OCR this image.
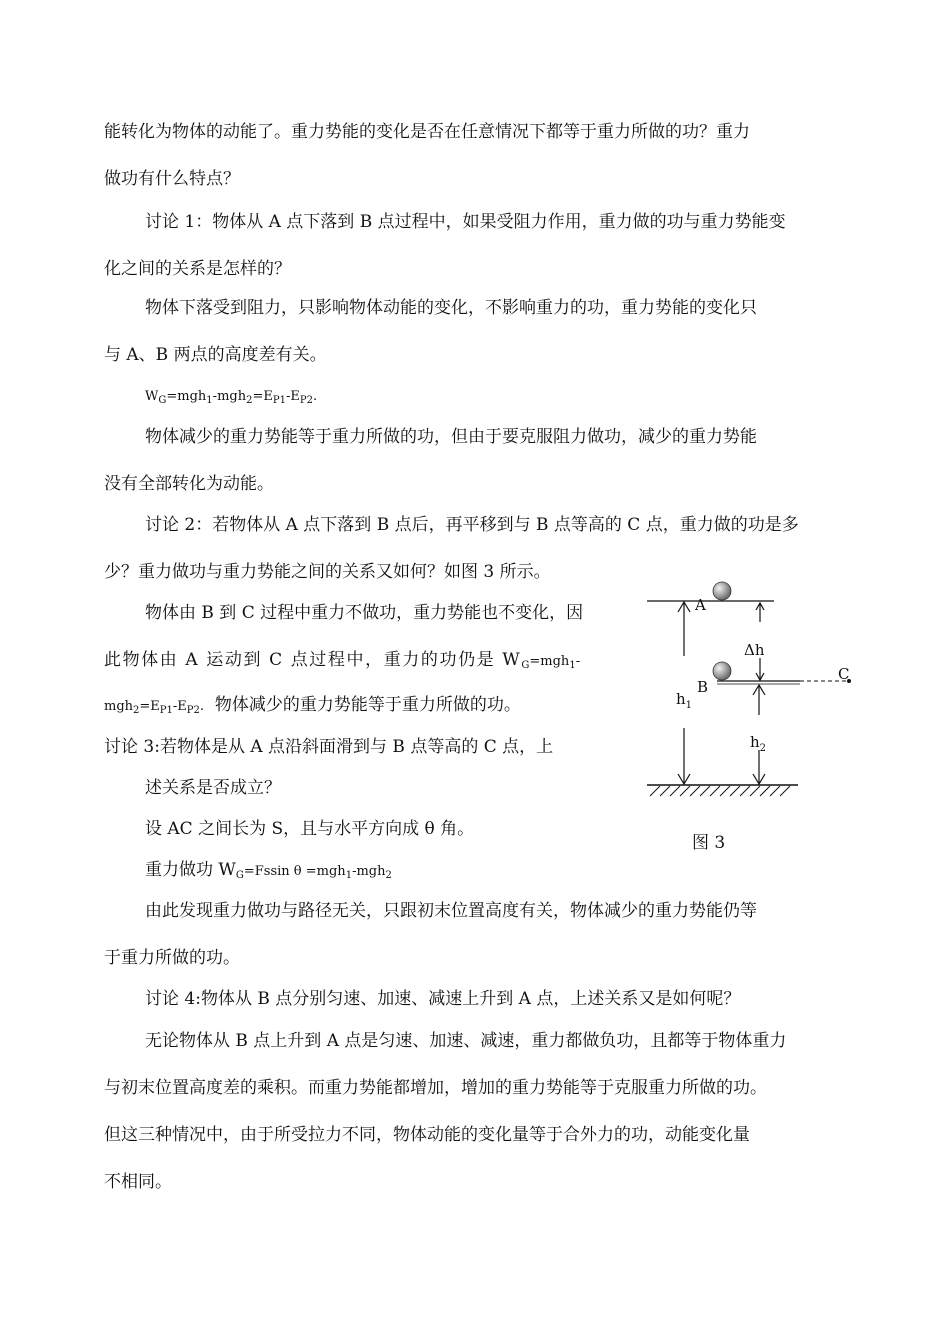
能转化为物体的动能了。重力势能的变化是否在任意情况下都等于重力所做的功？重力
做功有什么特点？
讨论 1：物体从 A 点下落到 B 点过程中，如果受阻力作用，重力做的功与重力势能变
化之间的关系是怎样的？
物体下落受到阻力，只影响物体动能的变化，不影响重力的功，重力势能的变化只
与 A、B 两点的高度差有关。
$W_G=mgh_1-mgh_2=E_{P1}-E_{P2}$.
物体减少的重力势能等于重力所做的功，但由于要克服阻力做功，减少的重力势能
没有全部转化为动能。
讨论 2：若物体从 A 点下落到 B 点后，再平移到与 B 点等高的 C 点，重力做的功是多
少？重力做功与重力势能之间的关系又如何？如图 3 所示。
物体由 B 到 C 过程中重力不做功，重力势能也不变化，因
此物体由 A 运动到 C 点过程中，重力的功仍是 WG=mgh1-
$mgh_2=E_{P1}-E_{P2}$. 物体减少的重力势能等于重力所做的功。
讨论 3:若物体是从 A 点沿斜面滑到与 B 点等高的 C 点，上
述关系是否成立？
设 AC 之间长为 S，且与水平方向成 θ 角。
重力做功 $W_G=Fssin$ θ =mgh$_1$-mgh$_2$
由此发现重力做功与路径无关，只跟初末位置高度有关，物体减少的重力势能仍等
于重力所做的功。
讨论 4:物体从 B 点分别匀速、加速、减速上升到 A 点，上述关系又是如何呢？
无论物体从 B 点上升到 A 点是匀速、加速、减速，重力都做负功，且都等于物体重力
与初末位置高度差的乘积。而重力势能都增加，增加的重力势能等于克服重力所做的功。
但这三种情况中，由于所受拉力不同，物体动能的变化量等于合外力的功，动能变化量
不相同。
A
Δh
B
C
$h_1$
$h_2$
图 3
